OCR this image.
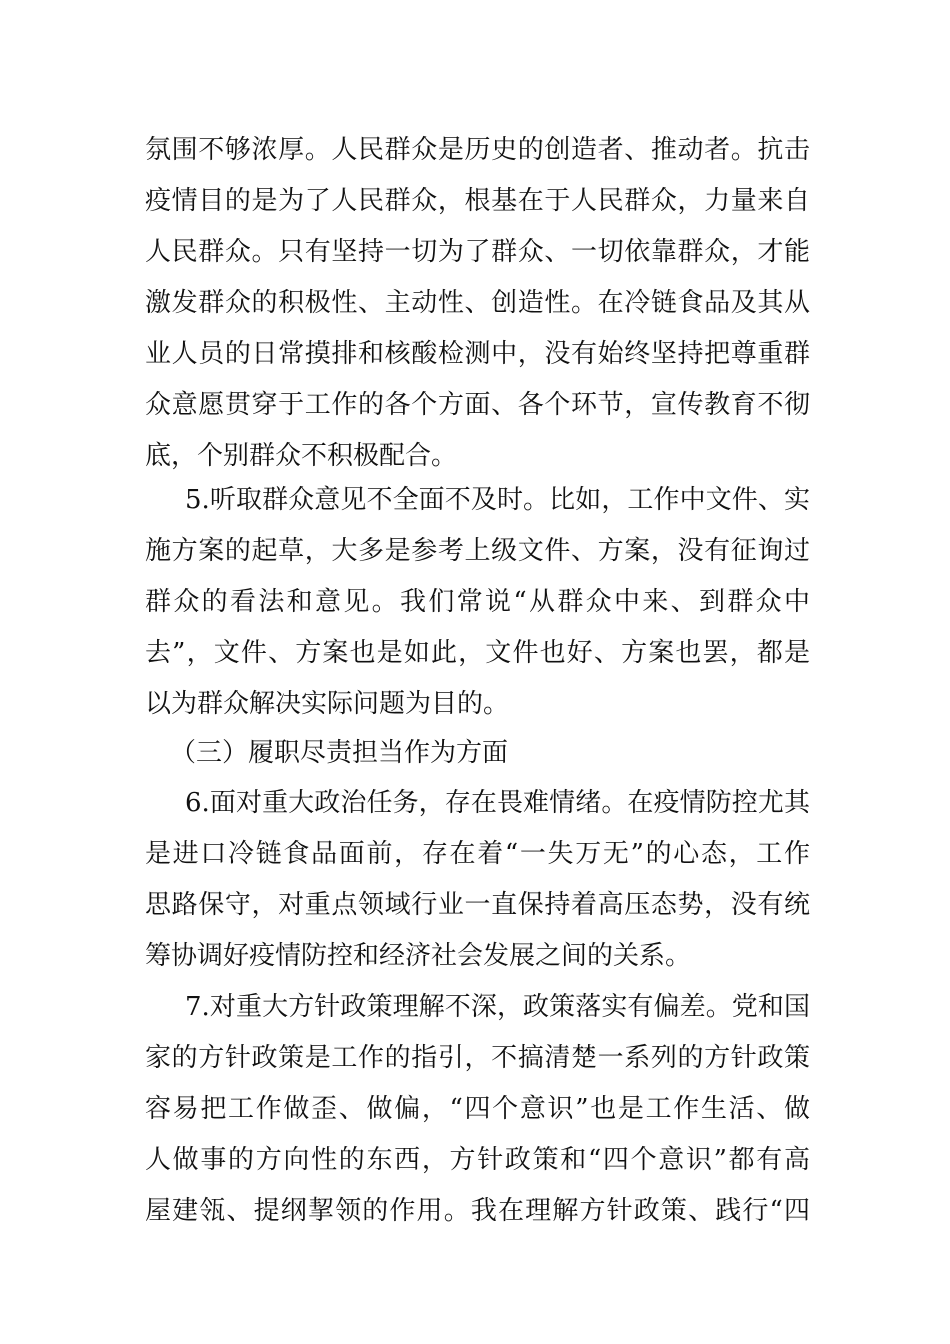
氛围不够浓厚。人民群众是历史的创造者、推动者。抗击
疫情目的是为了人民群众，根基在于人民群众，力量来自
人民群众。只有坚持一切为了群众、一切依靠群众，才能
激发群众的积极性、主动性、创造性。在冷链食品及其从
业人员的日常摸排和核酸检测中，没有始终坚持把尊重群
众意愿贯穿于工作的各个方面、各个环节，宣传教育不彻
底，个别群众不积极配合。
5.听取群众意见不全面不及时。比如，工作中文件、实
施方案的起草，大多是参考上级文件、方案，没有征询过
群众的看法和意见。我们常说“从群众中来、到群众中
去”，文件、方案也是如此，文件也好、方案也罢，都是
以为群众解决实际问题为目的。
（三）履职尽责担当作为方面
6.面对重大政治任务，存在畏难情绪。在疫情防控尤其
是进口冷链食品面前，存在着“一失万无”的心态，工作
思路保守，对重点领域行业一直保持着高压态势，没有统
筹协调好疫情防控和经济社会发展之间的关系。
7.对重大方针政策理解不深，政策落实有偏差。党和国
家的方针政策是工作的指引，不搞清楚一系列的方针政策
容易把工作做歪、做偏，“四个意识”也是工作生活、做
人做事的方向性的东西，方针政策和“四个意识”都有高
屋建瓴、提纲挈领的作用。我在理解方针政策、践行“四
